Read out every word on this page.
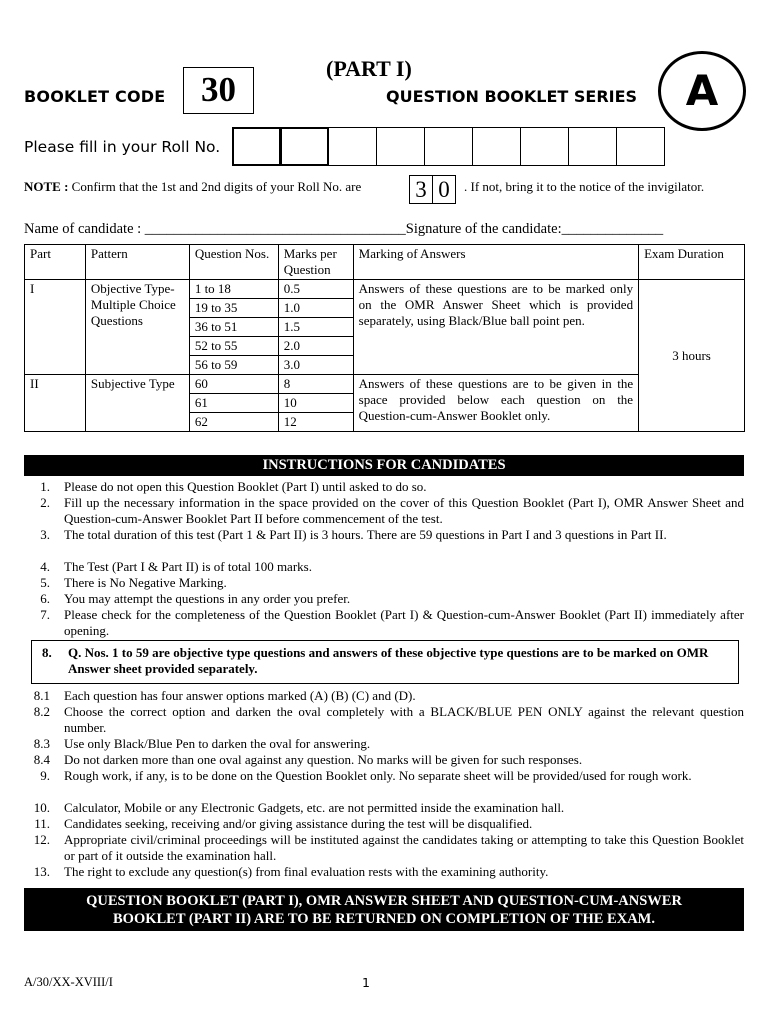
(PART I)
BOOKLET CODE	30	QUESTION BOOKLET SERIES	A
Please fill in your Roll No.
NOTE : Confirm that the 1st and 2nd digits of your Roll No. are 3 0	. If not, bring it to the notice of the invigilator.
Name of candidate : ____________________________________Signature of the candidate:______________
Part	Pattern	Question Nos.	Marks per Question	Marking of Answers	Exam Duration
I	Objective Type-Multiple Choice Questions	1 to 18	0.5	Answers of these questions are to be marked only on the OMR Answer Sheet which is provided separately, using Black/Blue ball point pen.	3 hours
		19 to 35	1.0		
		36 to 51	1.5		
		52 to 55	2.0		
		56 to 59	3.0		
II	Subjective Type	60	8	Answers of these questions are to be given in the space provided below each question on the Question-cum-Answer Booklet only.	
		61	10		
		62	12		
INSTRUCTIONS FOR CANDIDATES
1. Please do not open this Question Booklet (Part I) until asked to do so.
2. Fill up the necessary information in the space provided on the cover of this Question Booklet (Part I), OMR Answer Sheet and Question-cum-Answer Booklet Part II before commencement of the test.
3. The total duration of this test (Part 1 & Part II) is 3 hours. There are 59 questions in Part I and 3 questions in Part II.
4. The Test (Part I & Part II) is of total 100 marks.
5. There is No Negative Marking.
6. You may attempt the questions in any order you prefer.
7. Please check for the completeness of the Question Booklet (Part I) & Question-cum-Answer Booklet (Part II) immediately after opening.
8. Q. Nos. 1 to 59 are objective type questions and answers of these objective type questions are to be marked on OMR Answer sheet provided separately.
8.1 Each question has four answer options marked (A) (B) (C) and (D).
8.2 Choose the correct option and darken the oval completely with a BLACK/BLUE PEN ONLY against the relevant question number.
8.3 Use only Black/Blue Pen to darken the oval for answering.
8.4 Do not darken more than one oval against any question. No marks will be given for such responses.
9. Rough work, if any, is to be done on the Question Booklet only. No separate sheet will be provided/used for rough work.
10. Calculator, Mobile or any Electronic Gadgets, etc. are not permitted inside the examination hall.
11. Candidates seeking, receiving and/or giving assistance during the test will be disqualified.
12. Appropriate civil/criminal proceedings will be instituted against the candidates taking or attempting to take this Question Booklet or part of it outside the examination hall.
13. The right to exclude any question(s) from final evaluation rests with the examining authority.
QUESTION BOOKLET (PART I), OMR ANSWER SHEET AND QUESTION-CUM-ANSWER
BOOKLET (PART II) ARE TO BE RETURNED ON COMPLETION OF THE EXAM.
A/30/XX-XVIII/I	1
